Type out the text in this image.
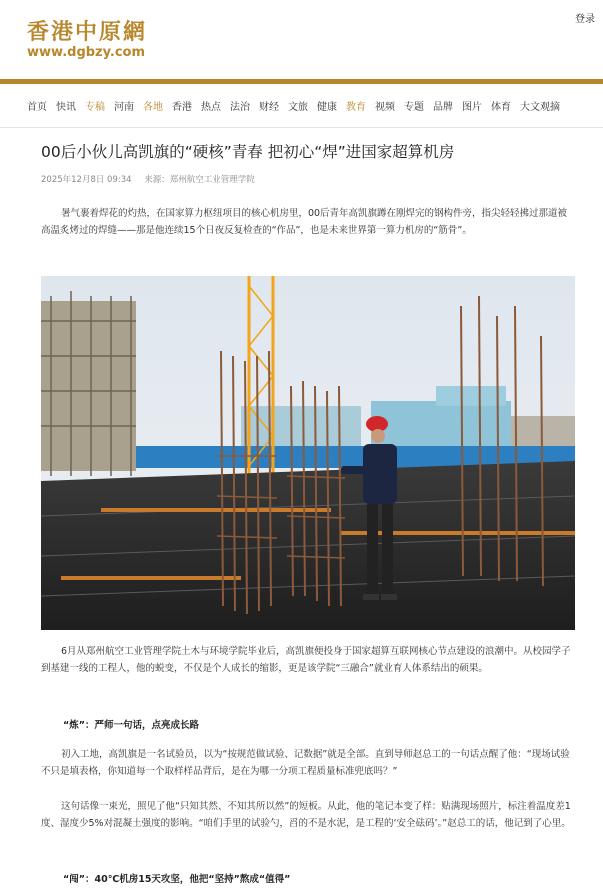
登录
香港中原網
www.dgbzy.com
首页 快讯 专稿 河南 各地 香港 热点 法治 财经 文旅 健康 教育 视频 专题 品牌 图片 体育 大文观摘
00后小伙儿高凯旗的“硬核”青春 把初心“焊”进国家超算机房
2025年12月8日 09:34 来源：郑州航空工业管理学院
暑气裹着焊花的灼热，在国家算力枢纽项目的核心机房里，00后青年高凯旗蹲在刚焊完的钢构件旁，指尖轻轻拂过那道被高温炙烤过的焊缝——那是他连续15个日夜反复检查的“作品”，也是未来世界第一算力机房的“筋骨”。
6月从郑州航空工业管理学院土木与环境学院毕业后，高凯旗便投身于国家超算互联网核心节点建设的浪潮中。从校园学子到基建一线的工程人，他的蜕变，不仅是个人成长的缩影，更是该学院“三融合”就业育人体系结出的硕果。
“炼”：严师一句话，点亮成长路
初入工地，高凯旗是一名试验员，以为“按规范做试验、记数据”就是全部。直到导师赵总工的一句话点醒了他：“现场试验不只是填表格，你知道每一个取样样品背后，是在为哪一分项工程质量标准兜底吗？”
这句话像一束光，照见了他“只知其然、不知其所以然”的短板。从此，他的笔记本变了样：贴满现场照片，标注着温度差1度、湿度少5%对混凝土强度的影响。“咱们手里的试验勺，舀的不是水泥，是工程的‘安全砝码’。”赵总工的话，他记到了心里。
“闯”：40℃机房15天攻坚，他把“坚持”熬成“值得”
